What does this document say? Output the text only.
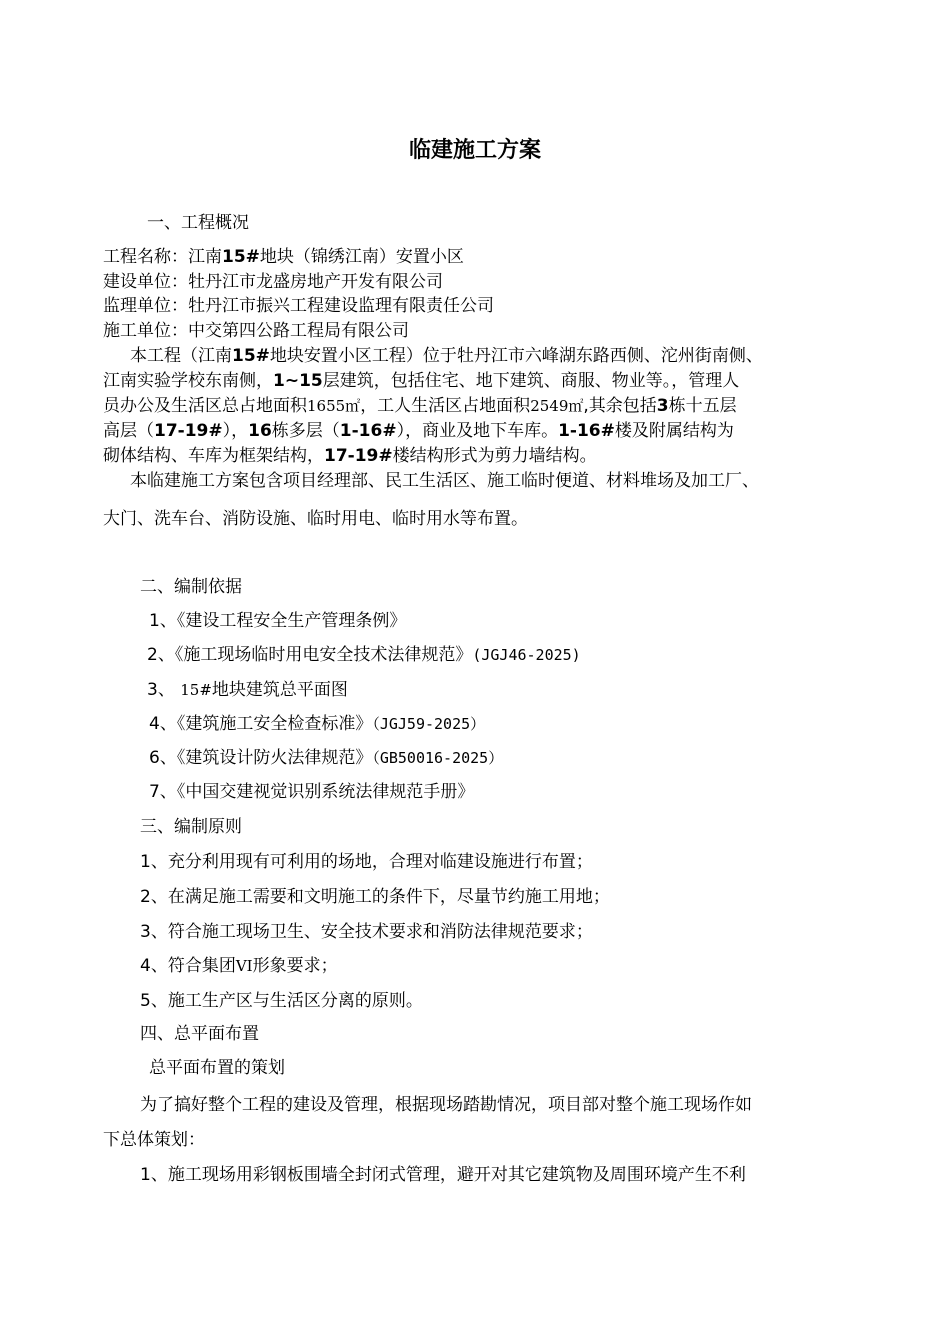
临建施工方案
一、工程概况
工程名称：江南15#地块（锦绣江南）安置小区
建设单位：牡丹江市龙盛房地产开发有限公司
监理单位：牡丹江市振兴工程建设监理有限责任公司
施工单位：中交第四公路工程局有限公司
本工程（江南15#地块安置小区工程）位于牡丹江市六峰湖东路西侧、沱州街南侧、
江南实验学校东南侧，1~15层建筑，包括住宅、地下建筑、商服、物业等。，管理人
员办公及生活区总占地面积1655㎡，工人生活区占地面积2549㎡,其余包括3栋十五层
高层（17-19#），16栋多层（1-16#），商业及地下车库。1-16#楼及附属结构为
砌体结构、车库为框架结构，17-19#楼结构形式为剪力墙结构。
本临建施工方案包含项目经理部、民工生活区、施工临时便道、材料堆场及加工厂、
大门、洗车台、消防设施、临时用电、临时用水等布置。
二、编制依据
1、《建设工程安全生产管理条例》
2、《施工现场临时用电安全技术法律规范》(JGJ46-2025)
3、 15#地块建筑总平面图
4、《建筑施工安全检查标准》（JGJ59-2025）
6、《建筑设计防火法律规范》（GB50016-2025）
7、《中国交建视觉识别系统法律规范手册》
三、编制原则
1、充分利用现有可利用的场地，合理对临建设施进行布置；
2、在满足施工需要和文明施工的条件下，尽量节约施工用地；
3、符合施工现场卫生、安全技术要求和消防法律规范要求；
4、符合集团VI形象要求；
5、施工生产区与生活区分离的原则。
四、总平面布置
总平面布置的策划
为了搞好整个工程的建设及管理，根据现场踏勘情况，项目部对整个施工现场作如
下总体策划：
1、施工现场用彩钢板围墙全封闭式管理，避开对其它建筑物及周围环境产生不利
